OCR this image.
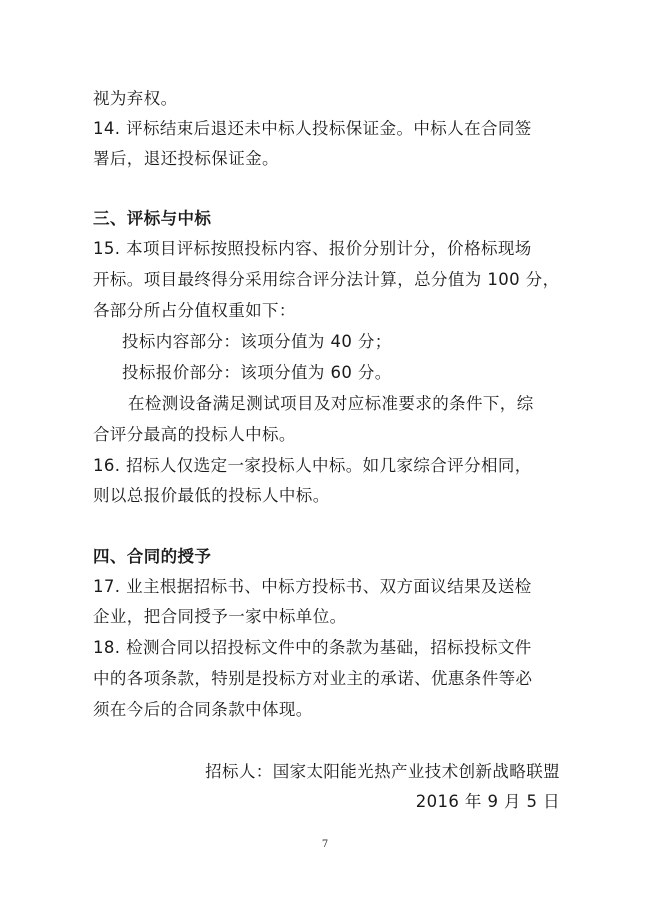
视为弃权。
14. 评标结束后退还未中标人投标保证金。中标人在合同签
署后，退还投标保证金。
三、评标与中标
15. 本项目评标按照投标内容、报价分别计分，价格标现场
开标。项目最终得分采用综合评分法计算，总分值为 100 分，
各部分所占分值权重如下：
投标内容部分：该项分值为 40 分；
投标报价部分：该项分值为 60 分。
在检测设备满足测试项目及对应标准要求的条件下，综
合评分最高的投标人中标。
16. 招标人仅选定一家投标人中标。如几家综合评分相同，
则以总报价最低的投标人中标。
四、合同的授予
17. 业主根据招标书、中标方投标书、双方面议结果及送检
企业，把合同授予一家中标单位。
18. 检测合同以招投标文件中的条款为基础，招标投标文件
中的各项条款，特别是投标方对业主的承诺、优惠条件等必
须在今后的合同条款中体现。
招标人：国家太阳能光热产业技术创新战略联盟
2016 年 9 月 5 日
7
